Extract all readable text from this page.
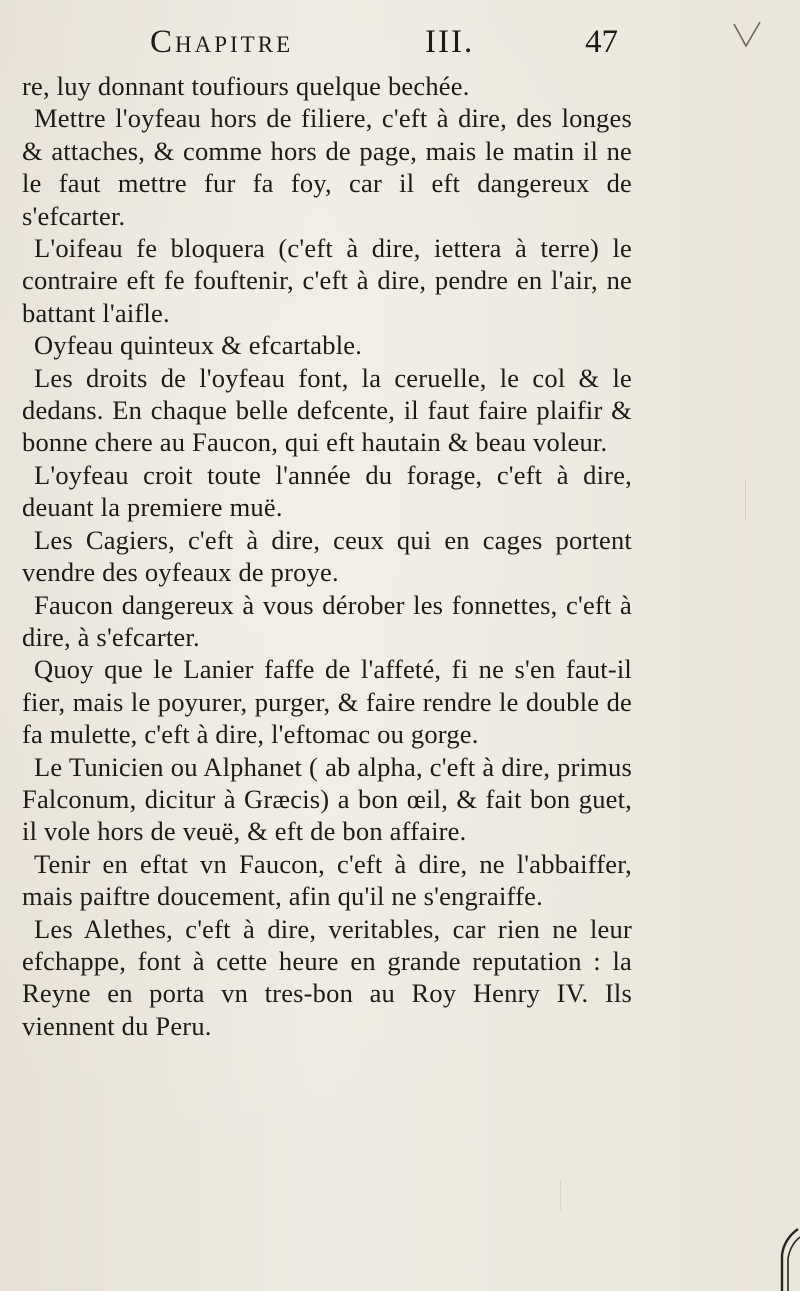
Chapitre	III.	47

re, luy donnant toufiours quelque bechée.

Mettre l'oyfeau hors de filiere, c'eft à dire, des longes & attaches, & comme hors de page, mais le matin il ne le faut mettre fur fa foy, car il eft dangereux de s'efcarter.

L'oifeau fe bloquera (c'eft à dire, iettera à terre) le contraire eft fe fouftenir, c'eft à dire, pendre en l'air, ne battant l'aifle.

Oyfeau quinteux & efcartable.

Les droits de l'oyfeau font, la ceruelle, le col & le dedans. En chaque belle defcente, il faut faire plaifir & bonne chere au Faucon, qui eft hautain & beau voleur.

L'oyfeau croit toute l'année du forage, c'eft à dire, deuant la premiere muë.

Les Cagiers, c'eft à dire, ceux qui en cages portent vendre des oyfeaux de proye.

Faucon dangereux à vous dérober les fonnettes, c'eft à dire, à s'efcarter.

Quoy que le Lanier faffe de l'affeté, fi ne s'en faut-il fier, mais le poyurer, purger, & faire rendre le double de fa mulette, c'eft à dire, l'eftomac ou gorge.

Le Tunicien ou Alphanet ( ab alpha, c'eft à dire, primus Falconum, dicitur à Græcis) a bon œil, & fait bon guet, il vole hors de veuë, & eft de bon affaire.

Tenir en eftat vn Faucon, c'eft à dire, ne l'abbaiffer, mais paiftre doucement, afin qu'il ne s'engraiffe.

Les Alethes, c'eft à dire, veritables, car rien ne leur efchappe, font à cette heure en grande reputation : la Reyne en porta vn tres-bon au Roy Henry IV. Ils viennent du Peru.
